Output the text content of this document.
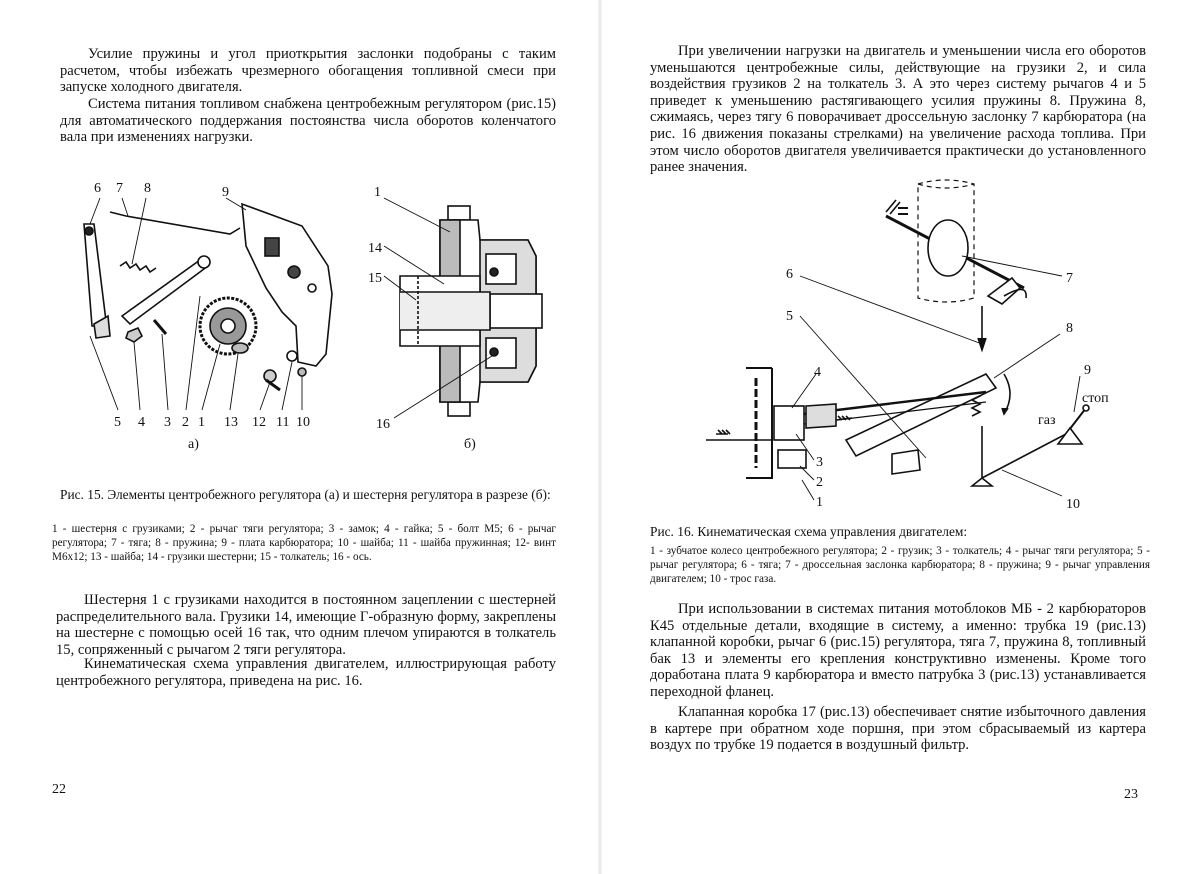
Усилие пружины и угол приоткрытия заслонки подобраны с таким расчетом, чтобы избежать чрезмерного обогащения топливной смеси при запуске холодного двигателя.

Система питания топливом снабжена центробежным регулятором (рис.15) для автоматического поддержания постоянства числа оборотов коленчатого вала при изменениях нагрузки.

6 7 8	9
5 4 3 2 1 13 12 11 10
а)
1
14
15
16
б)

Рис. 15. Элементы центробежного регулятора (а) и шестерня регулятора в разрезе (б):

1 - шестерня с грузиками; 2 - рычаг тяги регулятора; 3 - замок; 4 - гайка; 5 - болт М5; 6 - рычаг регулятора; 7 - тяга; 8 - пружина; 9 - плата карбюратора; 10 - шайба; 11 - шайба пружинная; 12- винт М6х12; 13 - шайба; 14 - грузики шестерни; 15 - толкатель; 16 - ось.

Шестерня 1 с грузиками находится в постоянном зацеплении с шестерней распределительного вала. Грузики 14, имеющие Г-образную форму, закреплены на шестерне с помощью осей 16 так, что одним плечом упираются в толкатель 15, сопряженный с рычагом 2 тяги регулятора.

Кинематическая схема управления двигателем, иллюстрирующая работу центробежного регулятора, приведена на рис. 16.

22

При увеличении нагрузки на двигатель и уменьшении числа его оборотов уменьшаются центробежные силы, действующие на грузики 2, и сила воздействия грузиков 2 на толкатель 3. А это через систему рычагов 4 и 5 приведет к уменьшению растягивающего усилия пружины 8. Пружина 8, сжимаясь, через тягу 6 поворачивает дроссельную заслонку 7 карбюратора (на рис. 16 движения показаны стрелками) на увеличение расхода топлива. При этом число оборотов двигателя увеличивается практически до установленного ранее значения.

6
5
4
3
2
1
7
8
9
10
стоп
газ

Рис. 16. Кинематическая схема управления двигателем:

1 - зубчатое колесо центробежного регулятора; 2 - грузик; 3 - толкатель; 4 - рычаг тяги регулятора; 5 - рычаг регулятора; 6 - тяга; 7 - дроссельная заслонка карбюратора; 8 - пружина; 9 - рычаг управления двигателем; 10 - трос газа.

При использовании в системах питания мотоблоков МБ - 2 карбюраторов К45 отдельные детали, входящие в систему, а именно: трубка 19 (рис.13) клапанной коробки, рычаг 6 (рис.15) регулятора, тяга 7, пружина 8, топливный бак 13 и элементы его крепления конструктивно изменены. Кроме того доработана плата 9 карбюратора и вместо патрубка 3 (рис.13) устанавливается переходной фланец.

Клапанная коробка 17 (рис.13) обеспечивает снятие избыточного давления в картере при обратном ходе поршня, при этом сбрасываемый из картера воздух по трубке 19 подается в воздушный фильтр.

23
